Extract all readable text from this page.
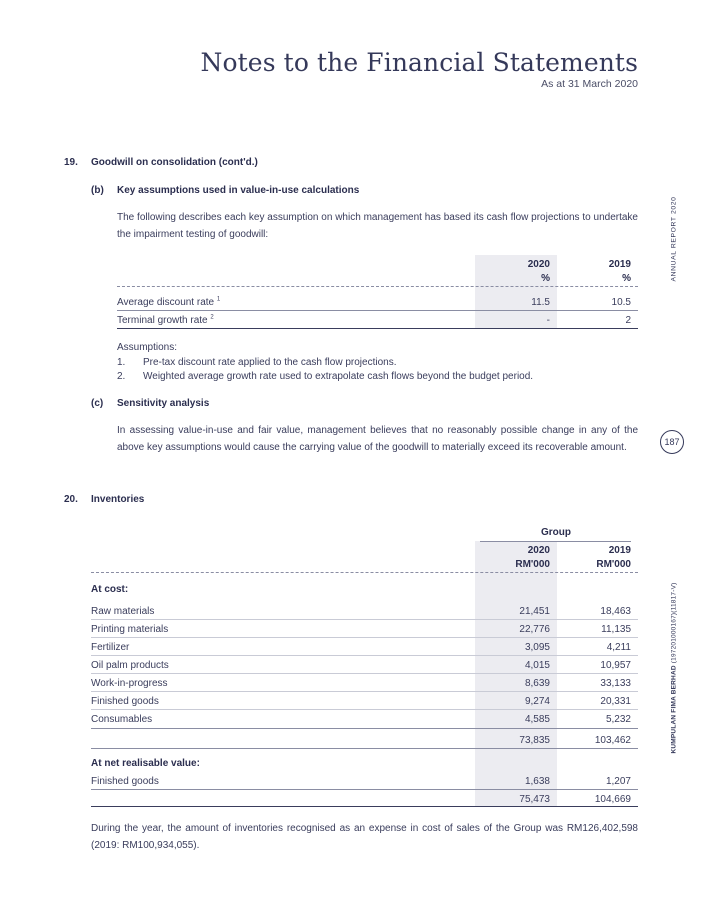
Notes to the Financial Statements
As at 31 March 2020
ANNUAL REPORT 2020
187
KUMPULAN FIMA BERHAD (197201000167)(11817-V)
19. Goodwill on consolidation (cont'd.)
(b) Key assumptions used in value-in-use calculations
The following describes each key assumption on which management has based its cash flow projections to undertake the impairment testing of goodwill:
2020
%
2019
%
Average discount rate $^1$	11.5	10.5
Terminal growth rate $^2$	-	2
Assumptions:
1. Pre-tax discount rate applied to the cash flow projections.
2. Weighted average growth rate used to extrapolate cash flows beyond the budget period.
(c) Sensitivity analysis
In assessing value-in-use and fair value, management believes that no reasonably possible change in any of the above key assumptions would cause the carrying value of the goodwill to materially exceed its recoverable amount.
20. Inventories
Group
2020
RM'000
2019
RM'000
At cost:
Raw materials	21,451	18,463
Printing materials	22,776	11,135
Fertilizer	3,095	4,211
Oil palm products	4,015	10,957
Work-in-progress	8,639	33,133
Finished goods	9,274	20,331
Consumables	4,585	5,232
73,835	103,462
At net realisable value:
Finished goods	1,638	1,207
75,473	104,669
During the year, the amount of inventories recognised as an expense in cost of sales of the Group was RM126,402,598 (2019: RM100,934,055).
